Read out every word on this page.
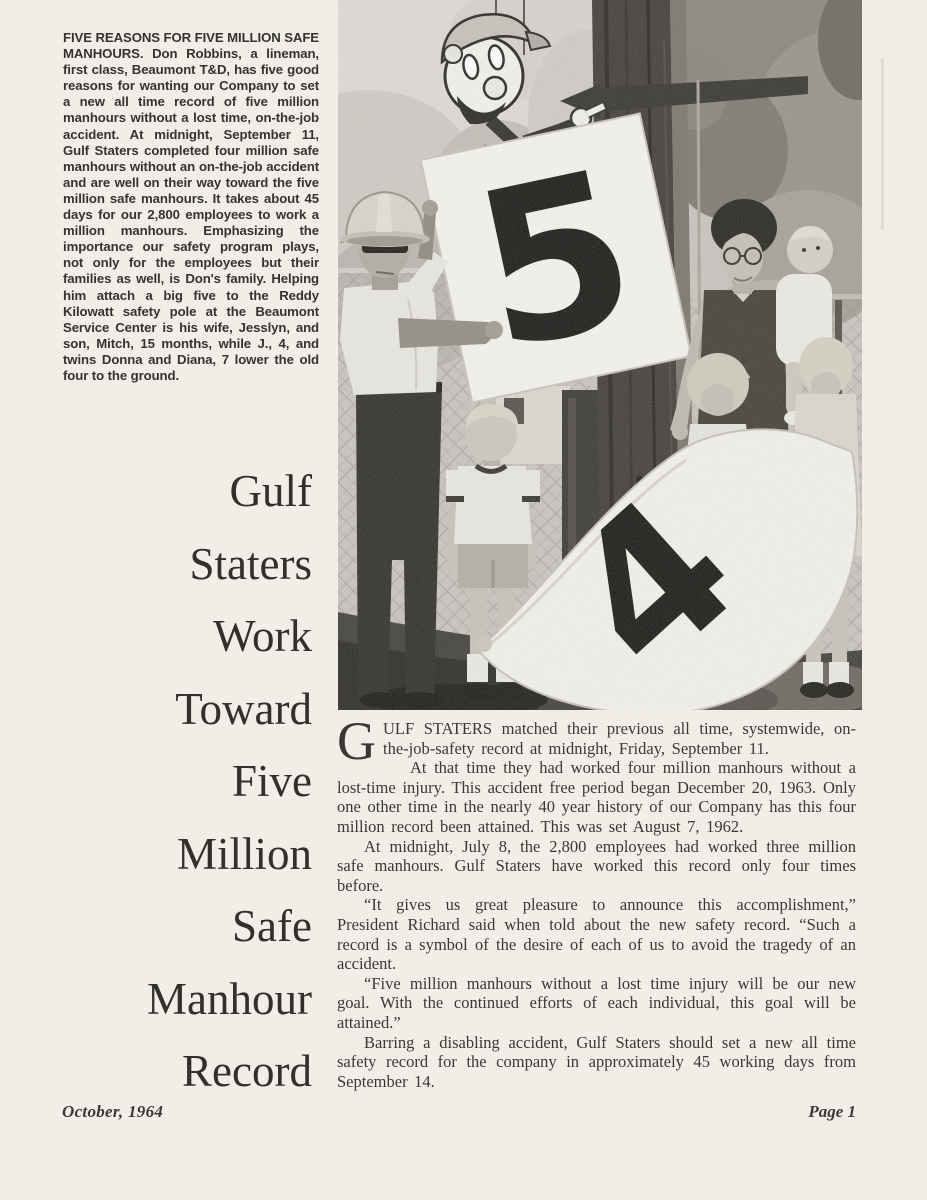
FIVE REASONS FOR FIVE MILLION SAFE MANHOURS. Don Robbins, a lineman, first class, Beaumont T&D, has five good reasons for wanting our Company to set a new all time record of five million manhours without a lost time, on-the-job accident. At midnight, September 11, Gulf Staters completed four million safe manhours without an on-the-job accident and are well on their way toward the five million safe manhours. It takes about 45 days for our 2,800 employees to work a million manhours. Emphasizing the importance our safety program plays, not only for the employees but their families as well, is Don's family. Helping him attach a big five to the Reddy Kilowatt safety pole at the Beaumont Service Center is his wife, Jesslyn, and son, Mitch, 15 months, while J., 4, and twins Donna and Diana, 7 lower the old four to the ground.
Gulf
Staters
Work
Toward
Five
Million
Safe
Manhour
Record

GULF STATERS matched their previous all time, systemwide, on-the-job-safety record at midnight, Friday, September 11.

At that time they had worked four million manhours without a lost-time injury. This accident free period began December 20, 1963. Only one other time in the nearly 40 year history of our Company has this four million record been attained. This was set August 7, 1962.

At midnight, July 8, the 2,800 employees had worked three million safe manhours. Gulf Staters have worked this record only four times before.

“It gives us great pleasure to announce this accomplishment,” President Richard said when told about the new safety record. “Such a record is a symbol of the desire of each of us to avoid the tragedy of an accident.

“Five million manhours without a lost time injury will be our new goal. With the continued efforts of each individual, this goal will be attained.”

Barring a disabling accident, Gulf Staters should set a new all time safety record for the company in approximately 45 working days from September 14.

October, 1964	Page 1
